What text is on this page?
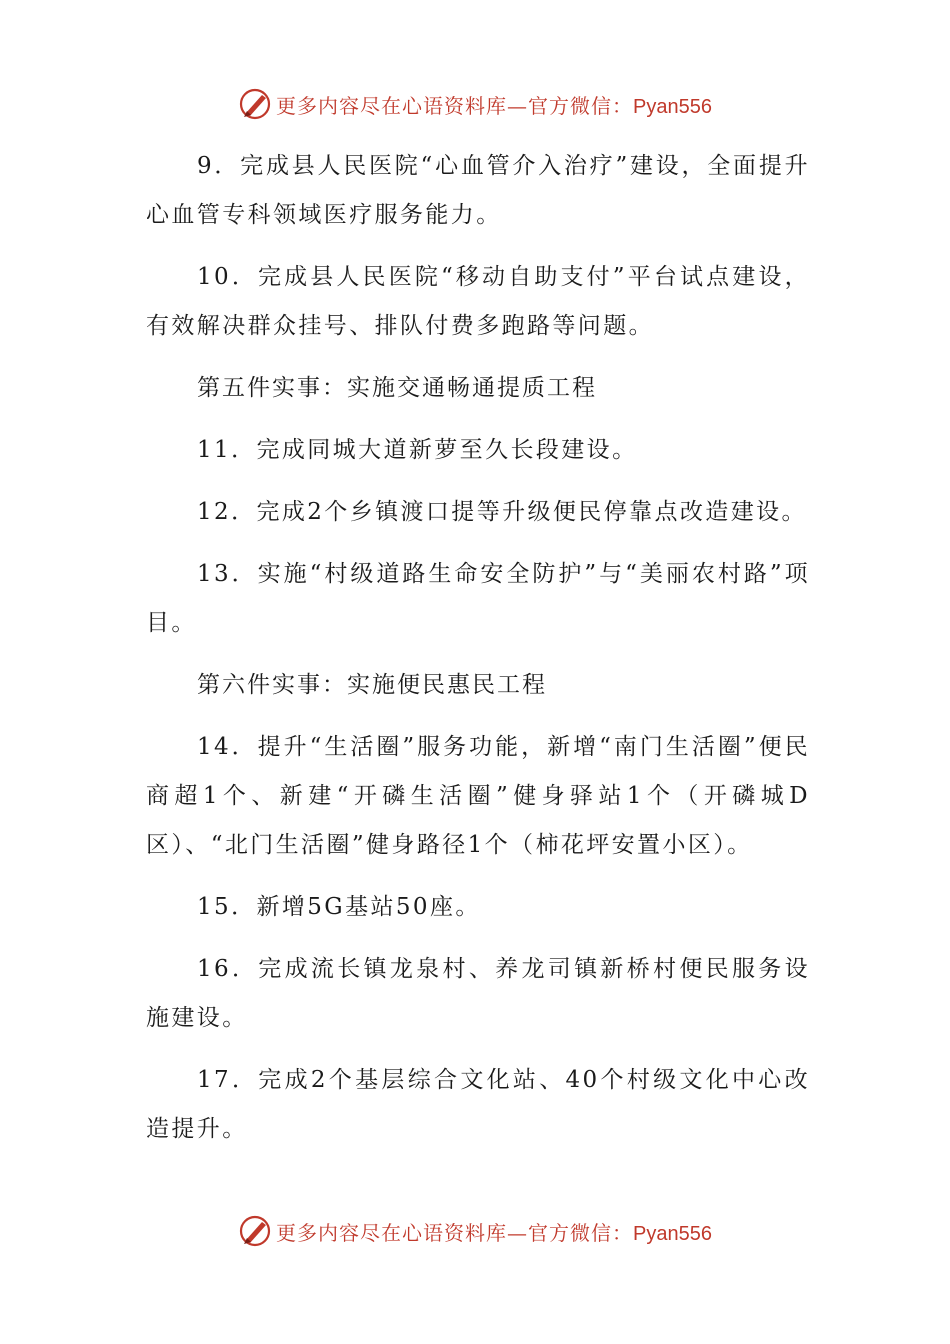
更多内容尽在心语资料库—官方微信：Pyan556

9．完成县人民医院“心血管介入治疗”建设，全面提升心血管专科领域医疗服务能力。

10．完成县人民医院“移动自助支付”平台试点建设，有效解决群众挂号、排队付费多跑路等问题。

第五件实事：实施交通畅通提质工程

11．完成同城大道新萝至久长段建设。

12．完成2个乡镇渡口提等升级便民停靠点改造建设。

13．实施“村级道路生命安全防护”与“美丽农村路”项目。

第六件实事：实施便民惠民工程

14．提升“生活圈”服务功能，新增“南门生活圈”便民商超1个、新建“开磷生活圈”健身驿站1个（开磷城D区）、“北门生活圈”健身路径1个（柿花坪安置小区）。

15．新增5G基站50座。

16．完成流长镇龙泉村、养龙司镇新桥村便民服务设施建设。

17．完成2个基层综合文化站、40个村级文化中心改造提升。

更多内容尽在心语资料库—官方微信：Pyan556
